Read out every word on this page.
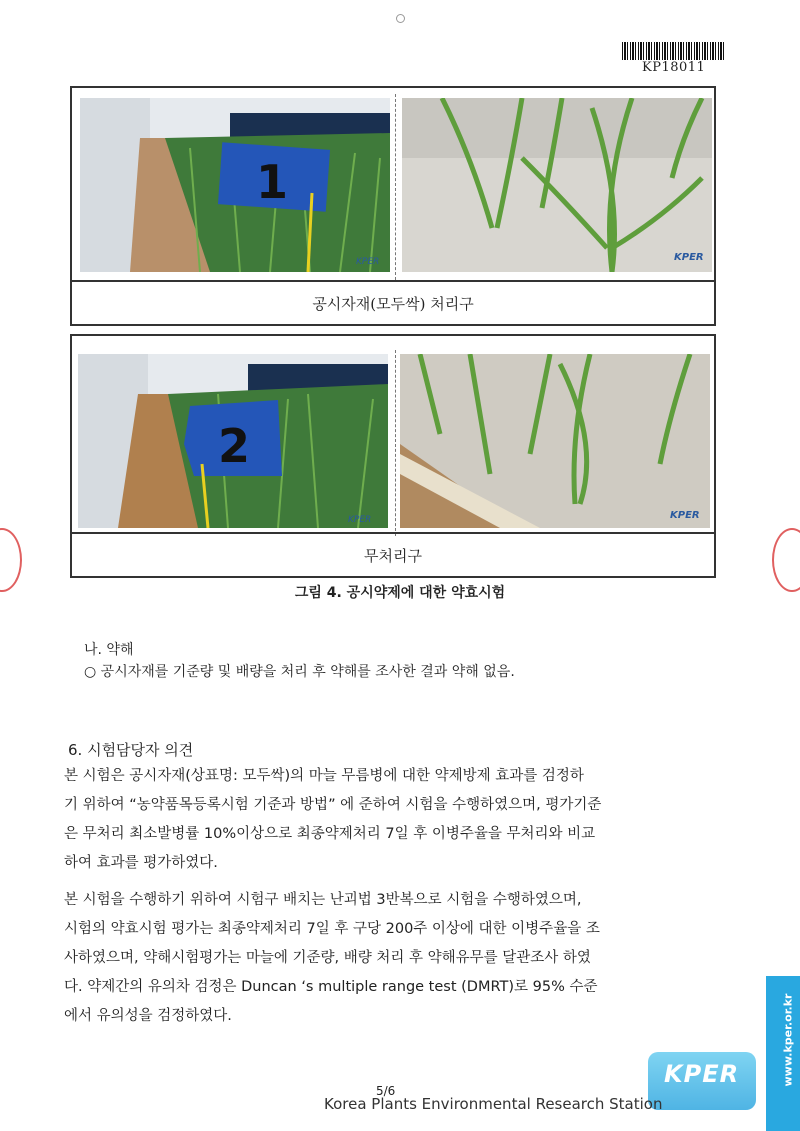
KP18011
1
KPER	KPER
공시자재(모두싹) 처리구
2
KPER	KPER
무처리구
그림 4. 공시약제에 대한 약효시험
나. 약해
○ 공시자재를 기준량 및 배량을 처리 후 약해를 조사한 결과 약해 없음.
6. 시험담당자 의견
본 시험은 공시자재(상표명: 모두싹)의 마늘 무름병에 대한 약제방제 효과를 검정하
기 위하여 “농약품목등록시험 기준과 방법” 에 준하여 시험을 수행하였으며, 평가기준
은 무처리 최소발병률 10%이상으로 최종약제처리 7일 후 이병주율을 무처리와 비교
하여 효과를 평가하였다.
본 시험을 수행하기 위하여 시험구 배치는 난괴법 3반복으로 시험을 수행하였으며,
시험의 약효시험 평가는 최종약제처리 7일 후 구당 200주 이상에 대한 이병주율을 조
사하였으며, 약해시험평가는 마늘에 기준량, 배량 처리 후 약해유무를 달관조사 하였
다. 약제간의 유의차 검정은 Duncan ‘s multiple range test (DMRT)로 95% 수준
에서 유의성을 검정하였다.	www.kper.or.kr
KPER
5/6
Korea Plants Environmental Research Station
